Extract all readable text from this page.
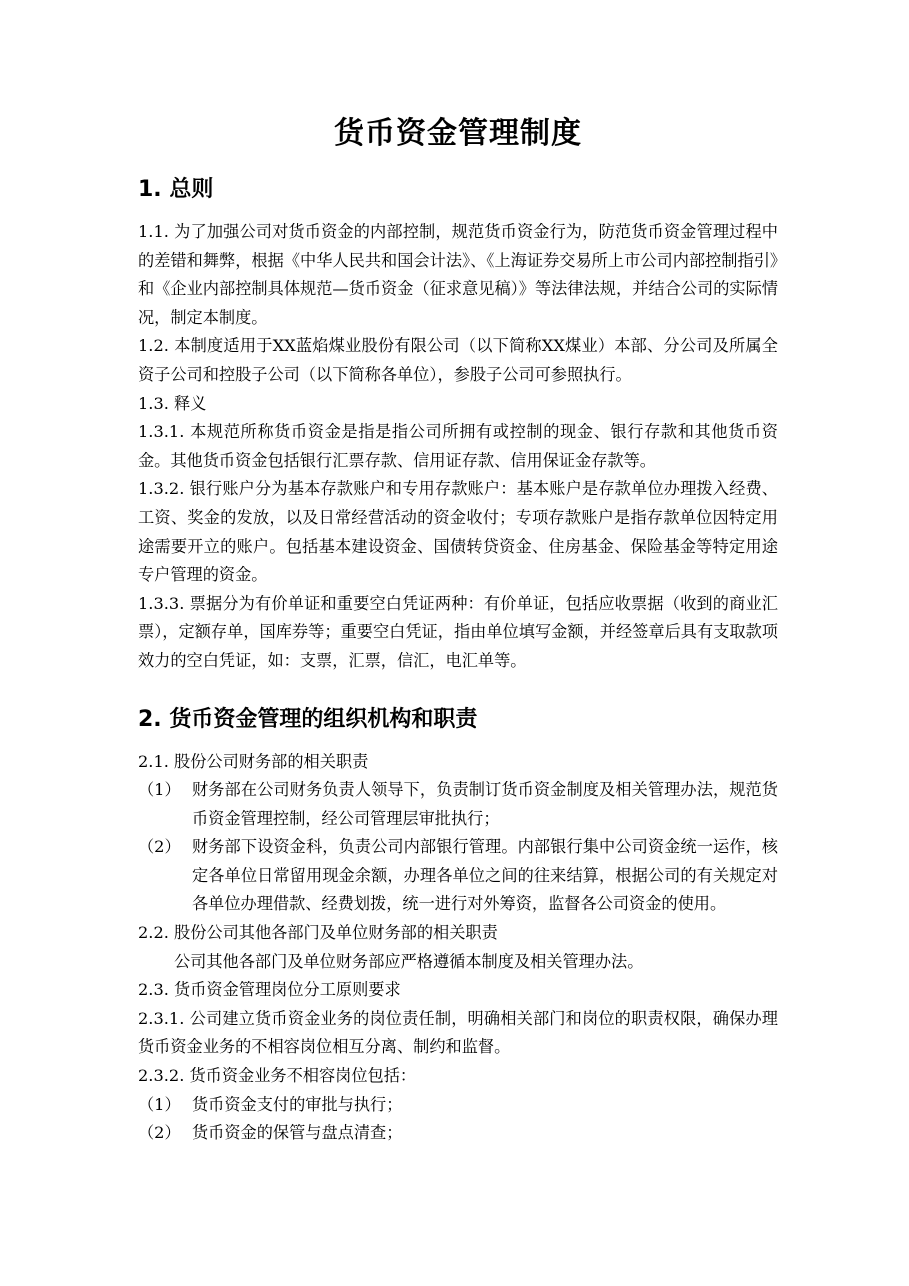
货币资金管理制度
1. 总则

1.1. 为了加强公司对货币资金的内部控制，规范货币资金行为，防范货币资金管理过程中的差错和舞弊，根据《中华人民共和国会计法》、《上海证券交易所上市公司内部控制指引》和《企业内部控制具体规范—货币资金（征求意见稿）》等法律法规，并结合公司的实际情况，制定本制度。

1.2. 本制度适用于XX蓝焰煤业股份有限公司（以下简称XX煤业）本部、分公司及所属全资子公司和控股子公司（以下简称各单位），参股子公司可参照执行。

1.3. 释义

1.3.1. 本规范所称货币资金是指是指公司所拥有或控制的现金、银行存款和其他货币资金。其他货币资金包括银行汇票存款、信用证存款、信用保证金存款等。

1.3.2. 银行账户分为基本存款账户和专用存款账户：基本账户是存款单位办理拨入经费、工资、奖金的发放，以及日常经营活动的资金收付；专项存款账户是指存款单位因特定用途需要开立的账户。包括基本建设资金、国债转贷资金、住房基金、保险基金等特定用途专户管理的资金。

1.3.3. 票据分为有价单证和重要空白凭证两种：有价单证，包括应收票据（收到的商业汇票），定额存单，国库券等；重要空白凭证，指由单位填写金额，并经签章后具有支取款项效力的空白凭证，如：支票，汇票，信汇，电汇单等。

2. 货币资金管理的组织机构和职责

2.1. 股份公司财务部的相关职责

（1） 财务部在公司财务负责人领导下，负责制订货币资金制度及相关管理办法，规范货币资金管理控制，经公司管理层审批执行；
（2） 财务部下设资金科，负责公司内部银行管理。内部银行集中公司资金统一运作，核定各单位日常留用现金余额，办理各单位之间的往来结算，根据公司的有关规定对各单位办理借款、经费划拨，统一进行对外筹资，监督各公司资金的使用。

2.2. 股份公司其他各部门及单位财务部的相关职责

公司其他各部门及单位财务部应严格遵循本制度及相关管理办法。

2.3. 货币资金管理岗位分工原则要求

2.3.1. 公司建立货币资金业务的岗位责任制，明确相关部门和岗位的职责权限，确保办理货币资金业务的不相容岗位相互分离、制约和监督。

2.3.2. 货币资金业务不相容岗位包括：

（1） 货币资金支付的审批与执行；
（2） 货币资金的保管与盘点清查；
